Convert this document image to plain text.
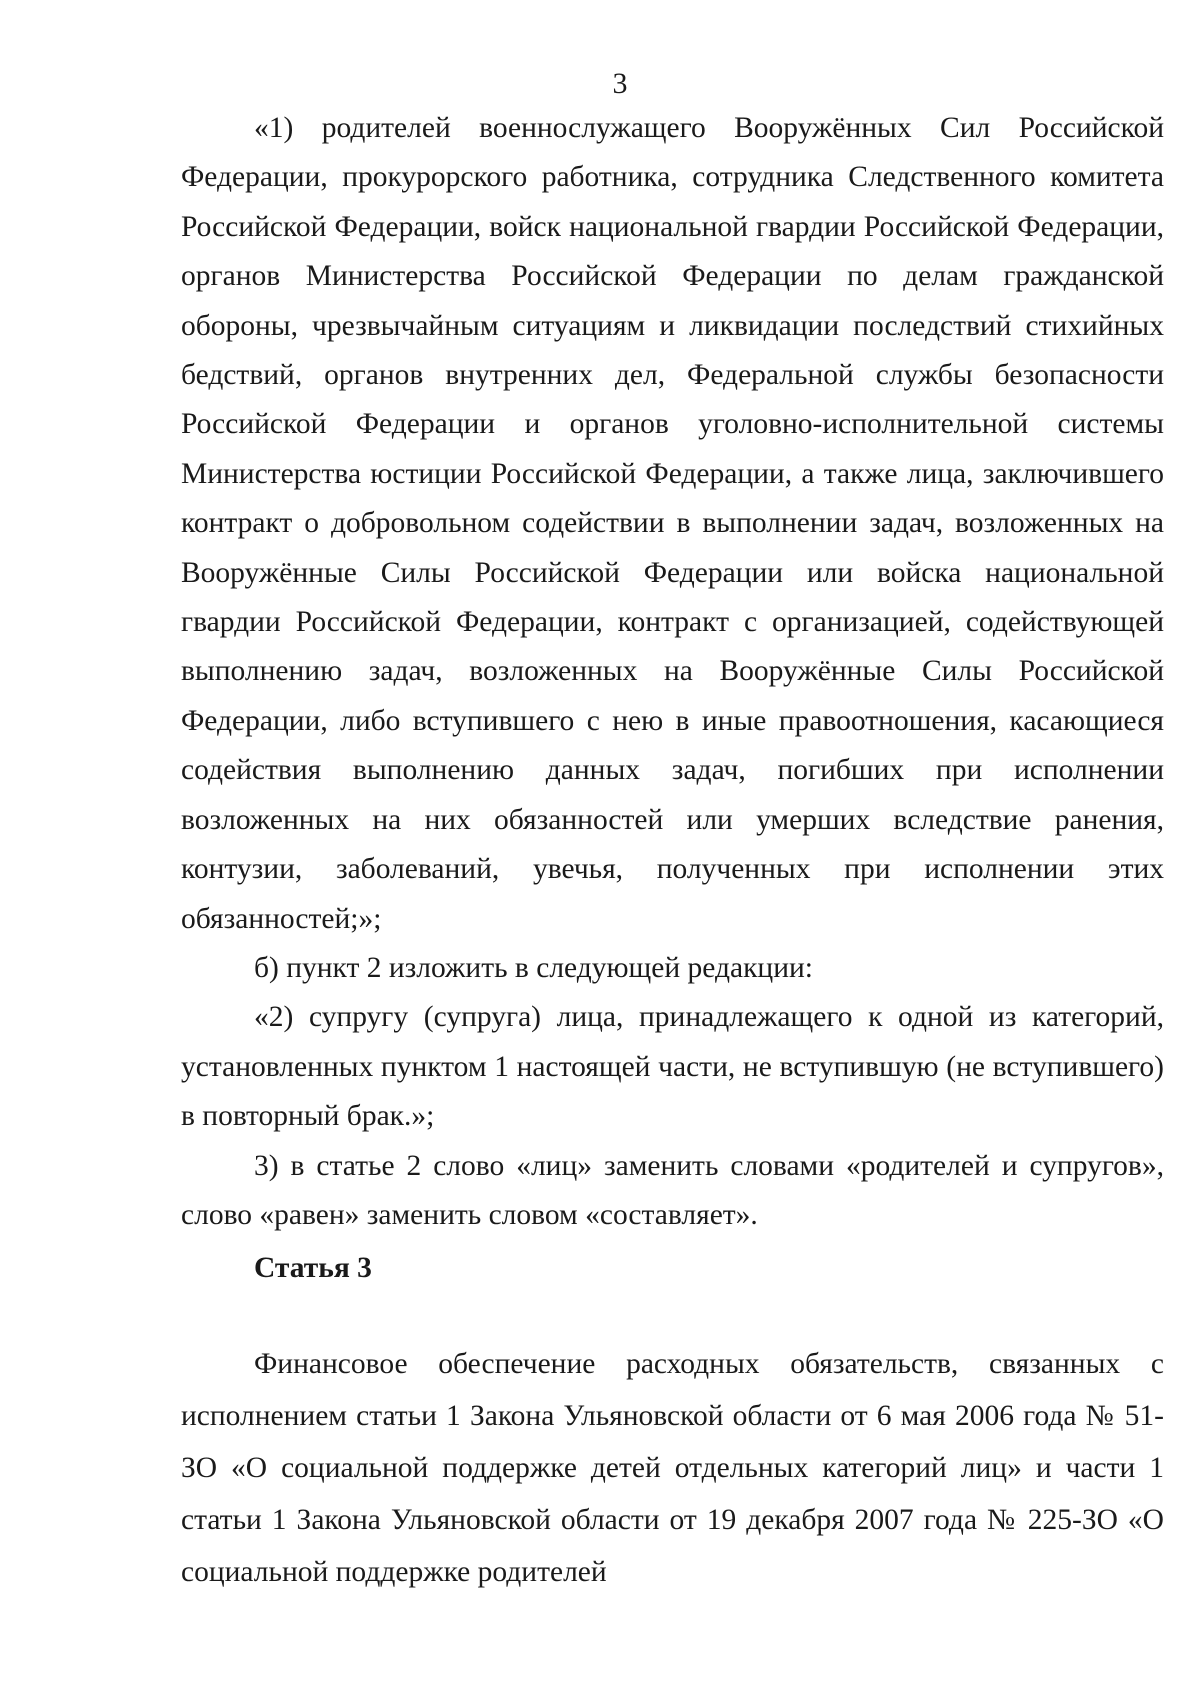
3

«1) родителей военнослужащего Вооружённых Сил Российской Федерации, прокурорского работника, сотрудника Следственного комитета Российской Федерации, войск национальной гвардии Российской Федерации, органов Министерства Российской Федерации по делам гражданской обороны, чрезвычайным ситуациям и ликвидации последствий стихийных бедствий, органов внутренних дел, Федеральной службы безопасности Российской Федерации и органов уголовно-исполнительной системы Министерства юстиции Российской Федерации, а также лица, заключившего контракт о добровольном содействии в выполнении задач, возложенных на Вооружённые Силы Российской Федерации или войска национальной гвардии Российской Федерации, контракт с организацией, содействующей выполнению задач, возложенных на Вооружённые Силы Российской Федерации, либо вступившего с нею в иные правоотношения, касающиеся содействия выполнению данных задач, погибших при исполнении возложенных на них обязанностей или умерших вследствие ранения, контузии, заболеваний, увечья, полученных при исполнении этих обязанностей;»;

б) пункт 2 изложить в следующей редакции:

«2) супругу (супруга) лица, принадлежащего к одной из категорий, установленных пунктом 1 настоящей части, не вступившую (не вступившего) в повторный брак.»;

3) в статье 2 слово «лиц» заменить словами «родителей и супругов», слово «равен» заменить словом «составляет».

Статья 3

Финансовое обеспечение расходных обязательств, связанных с исполнением статьи 1 Закона Ульяновской области от 6 мая 2006 года № 51-ЗО «О социальной поддержке детей отдельных категорий лиц» и части 1 статьи 1 Закона Ульяновской области от 19 декабря 2007 года № 225-ЗО «О социальной поддержке родителей
